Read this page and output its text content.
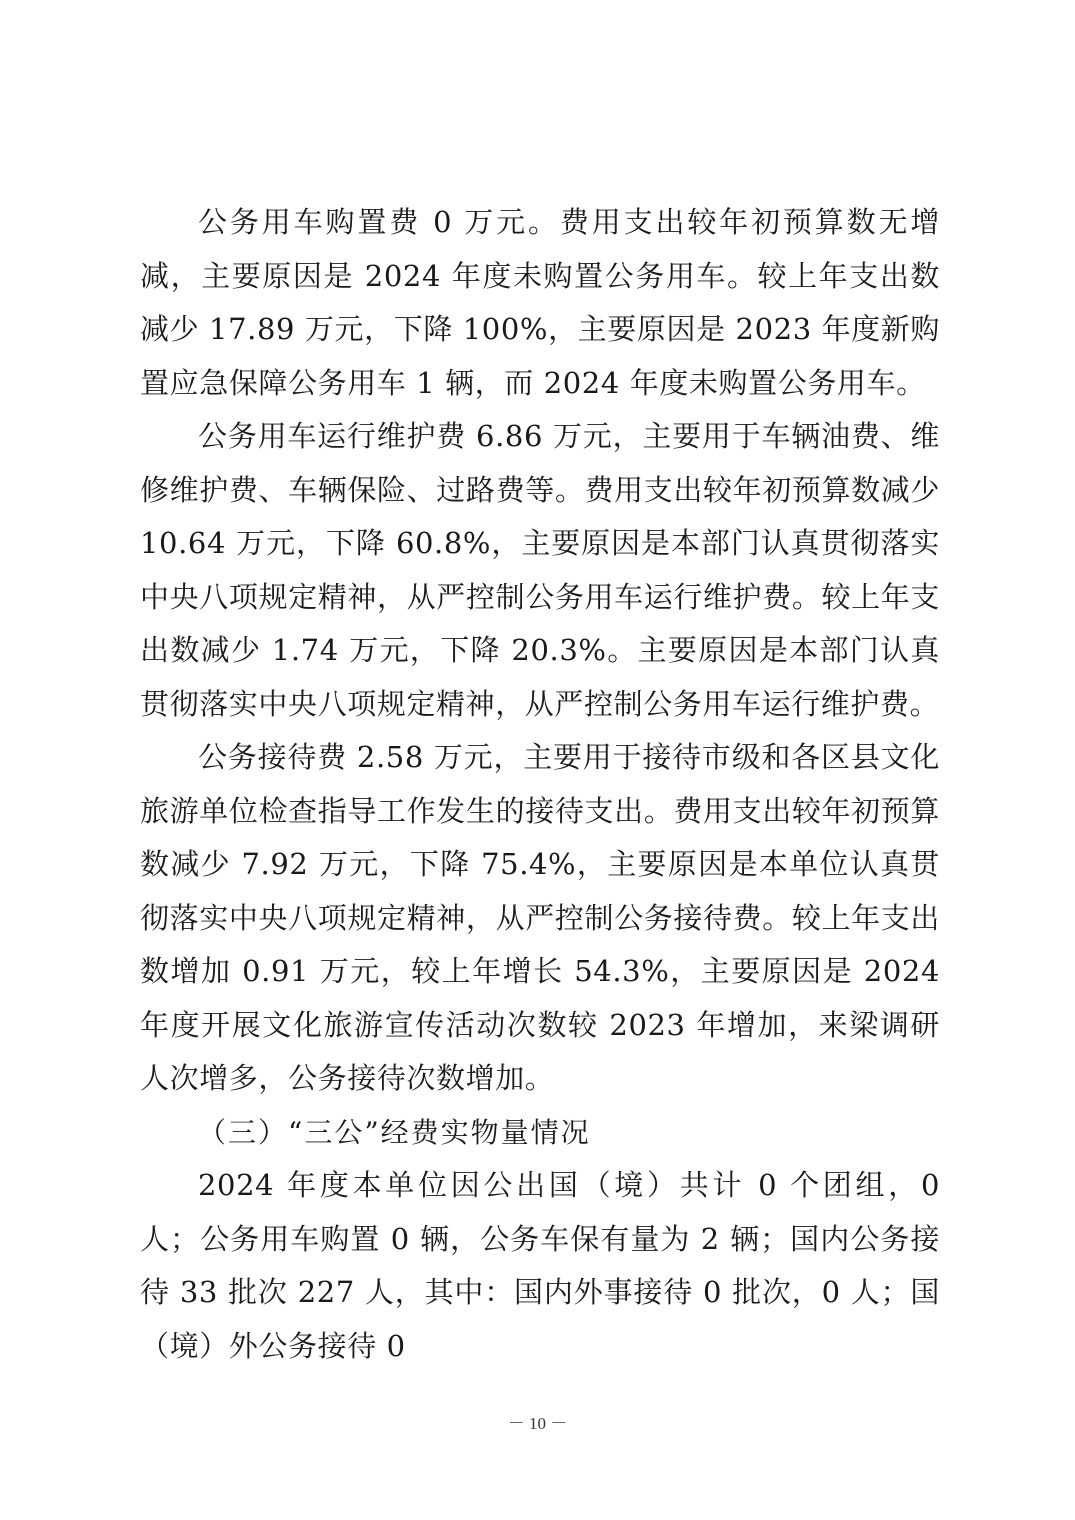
公务用车购置费 0 万元。费用支出较年初预算数无增减，主要原因是 2024 年度未购置公务用车。较上年支出数减少 17.89 万元，下降 100%，主要原因是 2023 年度新购置应急保障公务用车 1 辆，而 2024 年度未购置公务用车。

公务用车运行维护费 6.86 万元，主要用于车辆油费、维修维护费、车辆保险、过路费等。费用支出较年初预算数减少 10.64 万元，下降 60.8%，主要原因是本部门认真贯彻落实中央八项规定精神，从严控制公务用车运行维护费。较上年支出数减少 1.74 万元，下降 20.3%。主要原因是本部门认真贯彻落实中央八项规定精神，从严控制公务用车运行维护费。

公务接待费 2.58 万元，主要用于接待市级和各区县文化旅游单位检查指导工作发生的接待支出。费用支出较年初预算数减少 7.92 万元，下降 75.4%，主要原因是本单位认真贯彻落实中央八项规定精神，从严控制公务接待费。较上年支出数增加 0.91 万元，较上年增长 54.3%，主要原因是 2024 年度开展文化旅游宣传活动次数较 2023 年增加，来梁调研人次增多，公务接待次数增加。

（三）“三公”经费实物量情况

2024 年度本单位因公出国（境）共计 0 个团组，0 人；公务用车购置 0 辆，公务车保有量为 2 辆；国内公务接待 33 批次 227 人，其中：国内外事接待 0 批次，0 人；国（境）外公务接待 0

－ 10 －
